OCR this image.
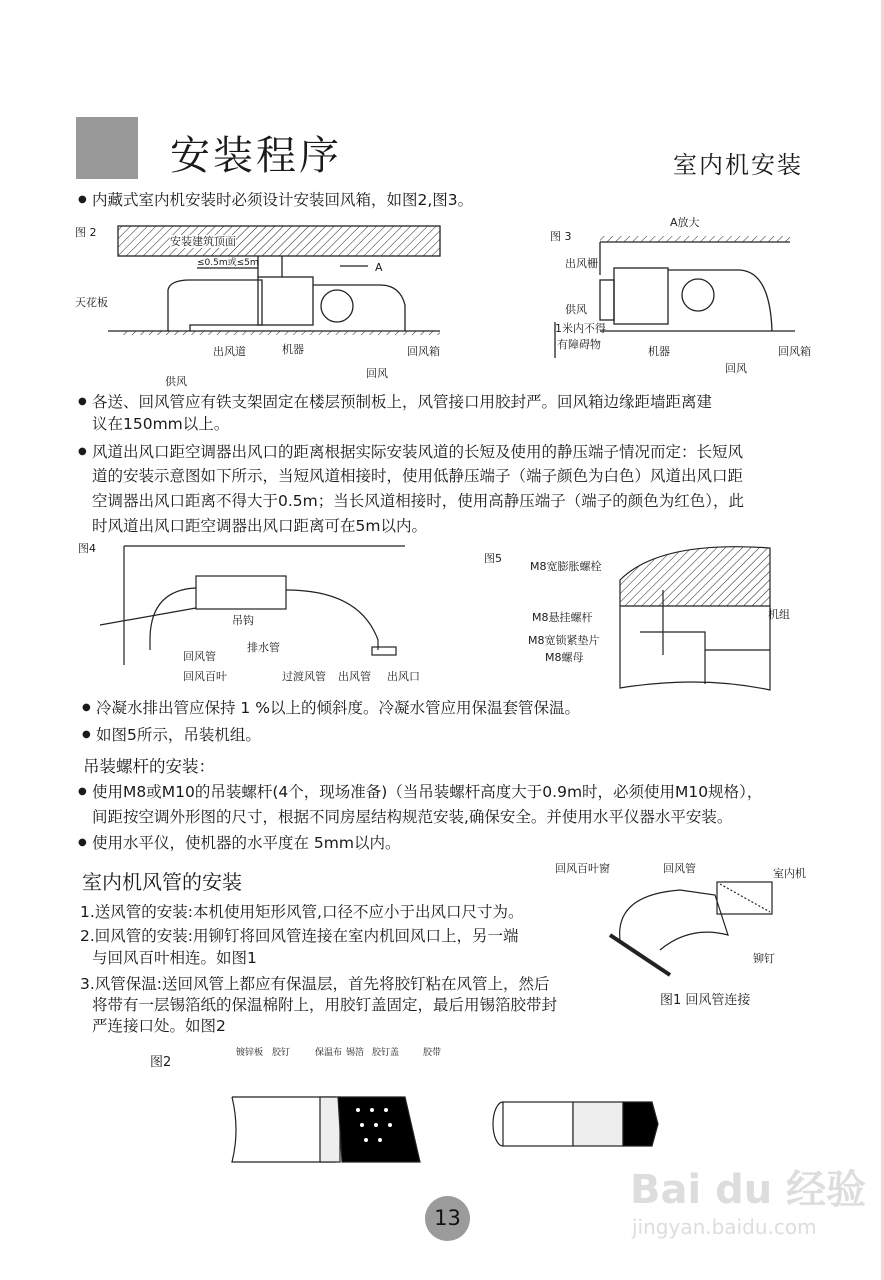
安装程序	室内机安装
● 内藏式室内机安装时必须设计安装回风箱，如图2,图3。
图 2
安装建筑顶面
≤0.5m或≤5m	A
天花板
出风道	机器	回风箱
供风
回风
A放大
图 3
出风栅
供风
1米内不得
有障碍物
机器	回风箱
回风
● 各送、回风管应有铁支架固定在楼层预制板上，风管接口用胶封严。回风箱边缘距墙距离建
议在150mm以上。
● 风道出风口距空调器出风口的距离根据实际安装风道的长短及使用的静压端子情况而定：长短风
道的安装示意图如下所示，当短风道相接时，使用低静压端子（端子颜色为白色）风道出风口距
空调器出风口距离不得大于0.5m；当长风道相接时，使用高静压端子（端子的颜色为红色），此
时风道出风口距空调器出风口距离可在5m以内。
图4
吊钩
排水管
回风管
回风百叶	过渡风管 出风管 出风口
图5
M8宽膨胀螺栓
M8悬挂螺杆	机组
M8宽锁紧垫片
M8螺母
● 冷凝水排出管应保持 1 %以上的倾斜度。冷凝水管应用保温套管保温。
● 如图5所示，吊装机组。
吊装螺杆的安装：
● 使用M8或M10的吊装螺杆(4个，现场准备)（当吊装螺杆高度大于0.9m时，必须使用M10规格），
间距按空调外形图的尺寸，根据不同房屋结构规范安装,确保安全。并使用水平仪器水平安装。
● 使用水平仪，使机器的水平度在 5mm以内。
室内机风管的安装
1.送风管的安装:本机使用矩形风管,口径不应小于出风口尺寸为。
2.回风管的安装:用铆钉将回风管连接在室内机回风口上，另一端
与回风百叶相连。如图1
3.风管保温:送回风管上都应有保温层，首先将胶钉粘在风管上，然后
将带有一层锡箔纸的保温棉附上，用胶钉盖固定，最后用锡箔胶带封
严连接口处。如图2
回风百叶窗	回风管	室内机
铆钉
图1 回风管连接
图2
镀锌板 胶钉	保温布 锡箔 胶钉盖	胶带
13
Bai du 经验
jingyan.baidu.com
